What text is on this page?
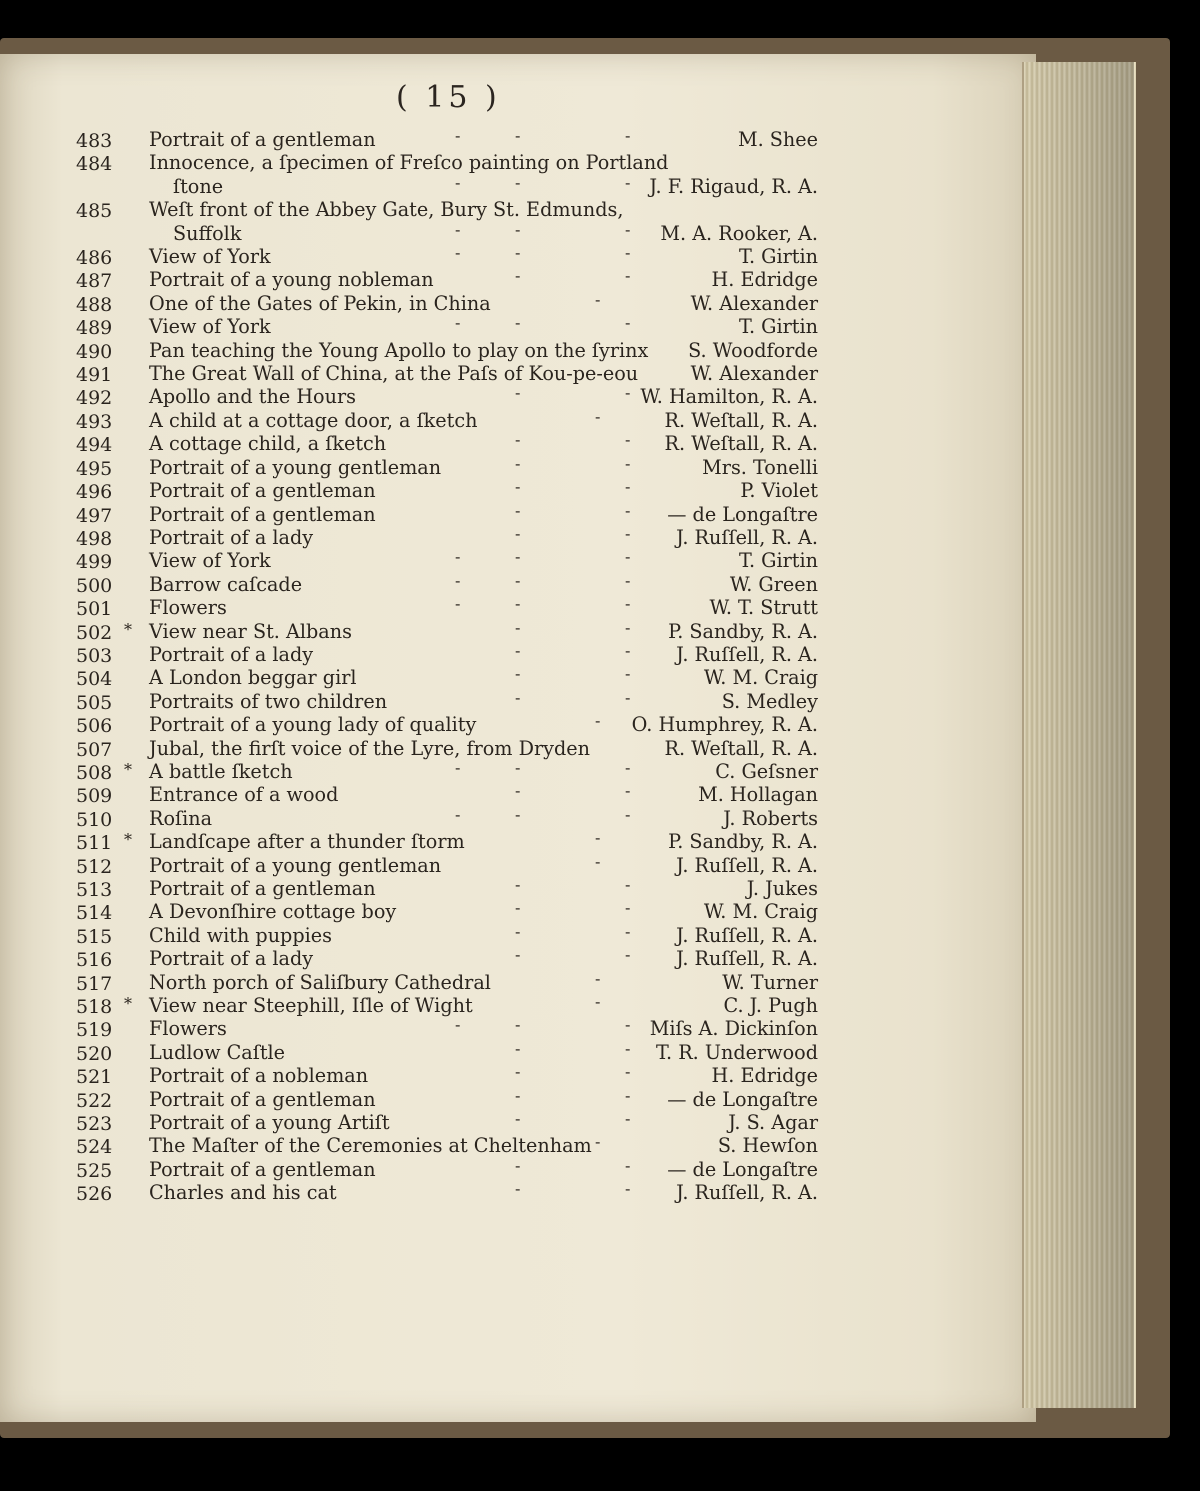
( 15 )
483 Portrait of a gentleman	-	-	-	M. Shee
484 Innocence, a ſpecimen of Freſco painting on Portland
ſtone	-	-	- J. F. Rigaud, R. A.
485 Weſt front of the Abbey Gate, Bury St. Edmunds,
Suffolk	-	-	- M. A. Rooker, A.
486 View of York	-	-	-	T. Girtin
487 Portrait of a young nobleman	-	-	H. Edridge
488 One of the Gates of Pekin, in China	-	W. Alexander
489 View of York	-	-	-	T. Girtin
490 Pan teaching the Young Apollo to play on the ſyrinx S. Woodforde
491 The Great Wall of China, at the Paſs of Kou-pe-eou	W. Alexander
492 Apollo and the Hours	-	- W. Hamilton, R. A.
493 A child at a cottage door, a ſketch	-	R. Weſtall, R. A.
494 A cottage child, a ſketch	-	- R. Weſtall, R. A.
495 Portrait of a young gentleman	-	-	Mrs. Tonelli
496 Portrait of a gentleman	-	-	P. Violet
497 Portrait of a gentleman	-	- — de Longaſtre
498 Portrait of a lady	-	- J. Ruſſell, R. A.
499 View of York	-	-	-	T. Girtin
500 Barrow caſcade	-	-	-	W. Green
501 Flowers	-	-	-	W. T. Strutt
502 * View near St. Albans	-	- P. Sandby, R. A.
503 Portrait of a lady	-	- J. Ruſſell, R. A.
504 A London beggar girl	-	-	W. M. Craig
505 Portraits of two children	-	-	S. Medley
506 Portrait of a young lady of quality	- O. Humphrey, R. A.
507 Jubal, the firſt voice of the Lyre, from Dryden	R. Weſtall, R. A.
508 * A battle ſketch	-	-	-	C. Geſsner
509 Entrance of a wood	-	-	M. Hollagan
510 Roſina	-	-	-	J. Roberts
511 * Landſcape after a thunder ſtorm	-	P. Sandby, R. A.
512 Portrait of a young gentleman	-	J. Ruſſell, R. A.
513 Portrait of a gentleman	-	-	J. Jukes
514 A Devonſhire cottage boy	-	-	W. M. Craig
515 Child with puppies	-	- J. Ruſſell, R. A.
516 Portrait of a lady	-	- J. Ruſſell, R. A.
517 North porch of Saliſbury Cathedral	-	W. Turner
518 * View near Steephill, Iſle of Wight	-	C. J. Pugh
519 Flowers	-	-	- Miſs A. Dickinſon
520 Ludlow Caſtle	-	- T. R. Underwood
521 Portrait of a nobleman	-	-	H. Edridge
522 Portrait of a gentleman	-	- — de Longaſtre
523 Portrait of a young Artiſt	-	-	J. S. Agar
524 The Maſter of the Ceremonies at Cheltenham -	S. Hewſon
525 Portrait of a gentleman	-	- — de Longaſtre
526 Charles and his cat	-	- J. Ruſſell, R. A.
